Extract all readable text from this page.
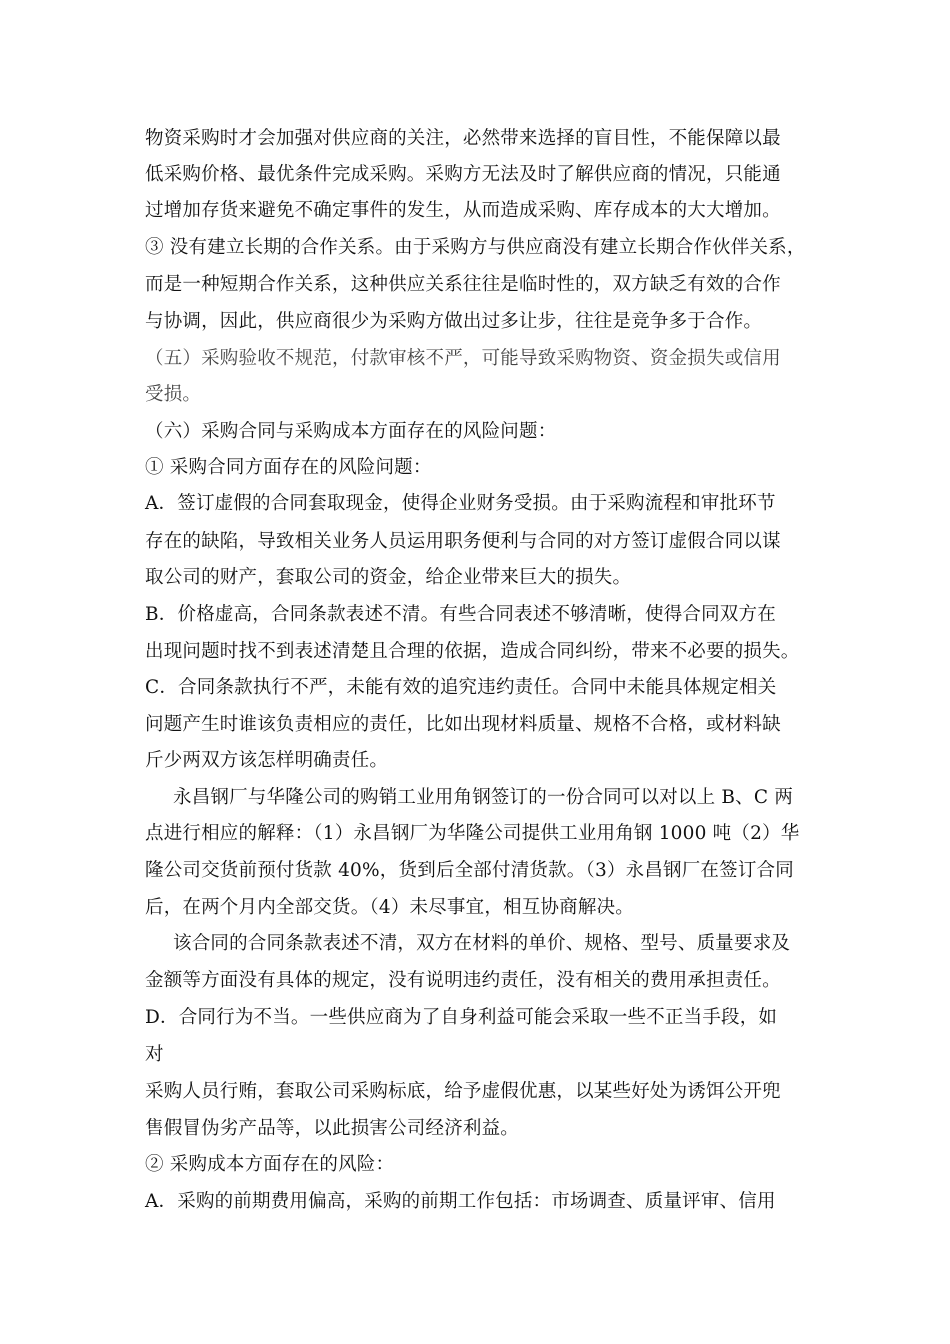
物资采购时才会加强对供应商的关注，必然带来选择的盲目性，不能保障以最

低采购价格、最优条件完成采购。采购方无法及时了解供应商的情况，只能通

过增加存货来避免不确定事件的发生，从而造成采购、库存成本的大大增加。

③ 没有建立长期的合作关系。由于采购方与供应商没有建立长期合作伙伴关系，

而是一种短期合作关系，这种供应关系往往是临时性的，双方缺乏有效的合作

与协调，因此，供应商很少为采购方做出过多让步，往往是竞争多于合作。

（五）采购验收不规范，付款审核不严，可能导致采购物资、资金损失或信用

受损。

（六）采购合同与采购成本方面存在的风险问题：

① 采购合同方面存在的风险问题：

A．签订虚假的合同套取现金，使得企业财务受损。由于采购流程和审批环节

存在的缺陷，导致相关业务人员运用职务便利与合同的对方签订虚假合同以谋

取公司的财产，套取公司的资金，给企业带来巨大的损失。

B．价格虚高，合同条款表述不清。有些合同表述不够清晰，使得合同双方在

出现问题时找不到表述清楚且合理的依据，造成合同纠纷，带来不必要的损失。

C．合同条款执行不严，未能有效的追究违约责任。合同中未能具体规定相关

问题产生时谁该负责相应的责任，比如出现材料质量、规格不合格，或材料缺

斤少两双方该怎样明确责任。

永昌钢厂与华隆公司的购销工业用角钢签订的一份合同可以对以上 B、C 两

点进行相应的解释：（1）永昌钢厂为华隆公司提供工业用角钢 1000 吨（2）华

隆公司交货前预付货款 40%，货到后全部付清货款。（3）永昌钢厂在签订合同

后，在两个月内全部交货。（4）未尽事宜，相互协商解决。

该合同的合同条款表述不清，双方在材料的单价、规格、型号、质量要求及

金额等方面没有具体的规定，没有说明违约责任，没有相关的费用承担责任。

D．合同行为不当。一些供应商为了自身利益可能会采取一些不正当手段，如

对

采购人员行贿，套取公司采购标底，给予虚假优惠，以某些好处为诱饵公开兜

售假冒伪劣产品等，以此损害公司经济利益。

② 采购成本方面存在的风险：

A．采购的前期费用偏高，采购的前期工作包括：市场调查、质量评审、信用
